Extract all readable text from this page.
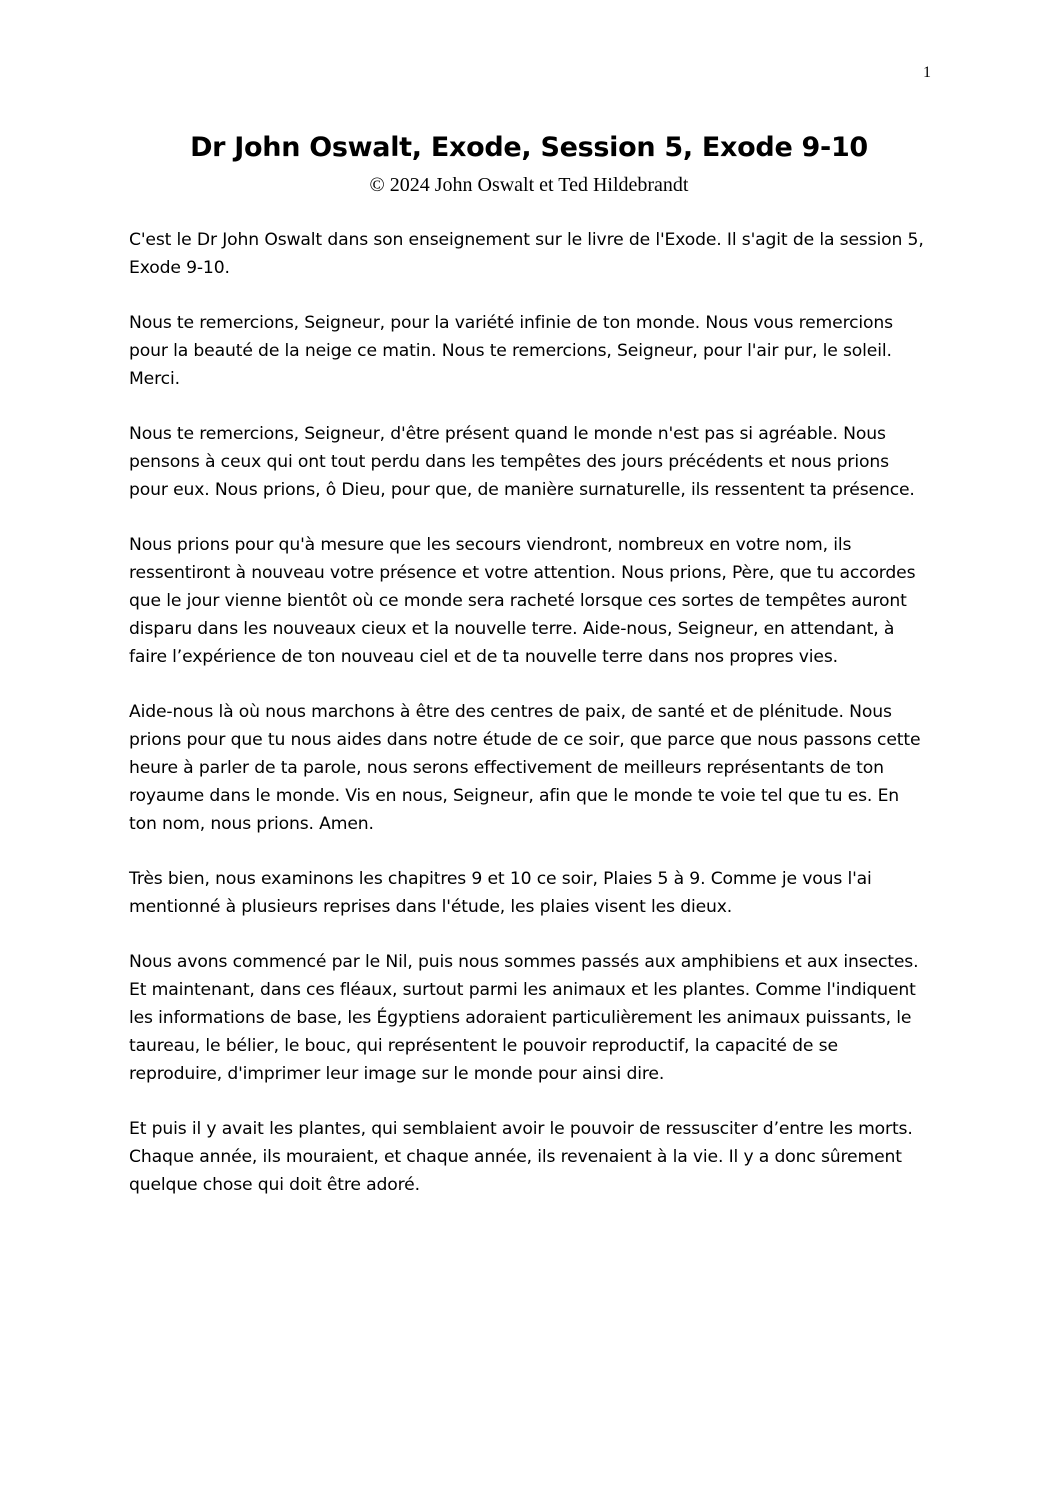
1
Dr John Oswalt, Exode, Session 5, Exode 9-10
© 2024 John Oswalt et Ted Hildebrandt

C'est le Dr John Oswalt dans son enseignement sur le livre de l'Exode. Il s'agit de la session 5, Exode 9-10.

Nous te remercions, Seigneur, pour la variété infinie de ton monde. Nous vous remercions pour la beauté de la neige ce matin. Nous te remercions, Seigneur, pour l'air pur, le soleil. Merci.

Nous te remercions, Seigneur, d'être présent quand le monde n'est pas si agréable. Nous pensons à ceux qui ont tout perdu dans les tempêtes des jours précédents et nous prions pour eux. Nous prions, ô Dieu, pour que, de manière surnaturelle, ils ressentent ta présence.

Nous prions pour qu'à mesure que les secours viendront, nombreux en votre nom, ils ressentiront à nouveau votre présence et votre attention. Nous prions, Père, que tu accordes que le jour vienne bientôt où ce monde sera racheté lorsque ces sortes de tempêtes auront disparu dans les nouveaux cieux et la nouvelle terre. Aide-nous, Seigneur, en attendant, à faire l’expérience de ton nouveau ciel et de ta nouvelle terre dans nos propres vies.

Aide-nous là où nous marchons à être des centres de paix, de santé et de plénitude. Nous prions pour que tu nous aides dans notre étude de ce soir, que parce que nous passons cette heure à parler de ta parole, nous serons effectivement de meilleurs représentants de ton royaume dans le monde. Vis en nous, Seigneur, afin que le monde te voie tel que tu es. En ton nom, nous prions. Amen.

Très bien, nous examinons les chapitres 9 et 10 ce soir, Plaies 5 à 9. Comme je vous l'ai mentionné à plusieurs reprises dans l'étude, les plaies visent les dieux.

Nous avons commencé par le Nil, puis nous sommes passés aux amphibiens et aux insectes. Et maintenant, dans ces fléaux, surtout parmi les animaux et les plantes. Comme l'indiquent les informations de base, les Égyptiens adoraient particulièrement les animaux puissants, le taureau, le bélier, le bouc, qui représentent le pouvoir reproductif, la capacité de se reproduire, d'imprimer leur image sur le monde pour ainsi dire.

Et puis il y avait les plantes, qui semblaient avoir le pouvoir de ressusciter d’entre les morts. Chaque année, ils mouraient, et chaque année, ils revenaient à la vie. Il y a donc sûrement quelque chose qui doit être adoré.
